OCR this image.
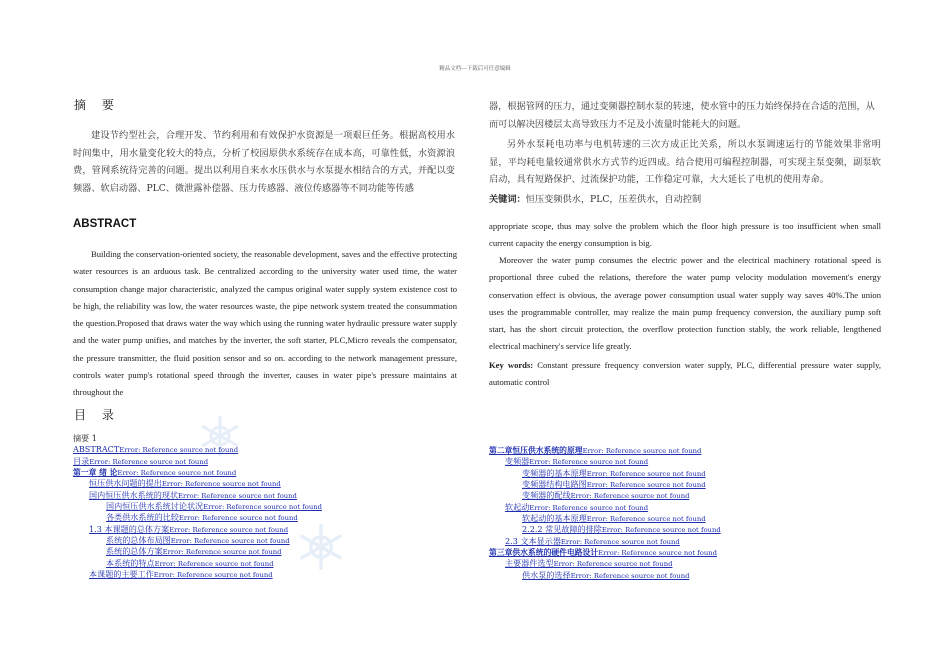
精品文档---下载后可任意编辑
摘 要
建设节约型社会，合理开发、节约利用和有效保护水资源是一项艰巨任务。根据高校用水时间集中，用水量变化较大的特点，分析了校园原供水系统存在成本高，可靠性低，水资源浪费，管网系统待完善的问题。提出以利用自来水水压供水与水泵提水相结合的方式，并配以变频器、软启动器、PLC、微泄露补偿器、压力传感器、液位传感器等不同功能等传感
器，根据管网的压力，通过变频器控制水泵的转速，使水管中的压力始终保持在合适的范围，从而可以解决因楼层太高导致压力不足及小流量时能耗大的问题。
另外水泵耗电功率与电机转速的三次方成正比关系，所以水泵调速运行的节能效果非常明显，平均耗电量较通常供水方式节约近四成。结合使用可编程控制器，可实现主泵变频，副泵软启动，具有短路保护、过流保护功能，工作稳定可靠，大大延长了电机的使用寿命。
关键词：恒压变频供水，PLC，压差供水，自动控制
ABSTRACT
Building the conservation-oriented society, the reasonable development, saves and the effective protecting water resources is an arduous task. Be centralized according to the university water used time, the water consumption change major characteristic, analyzed the campus original water supply system existence cost to be high, the reliability was low, the water resources waste, the pipe network system treated the consummation the question.Proposed that draws water the way which using the running water hydraulic pressure water supply and the water pump unifies, and matches by the inverter, the soft starter, PLC,Micro reveals the compensator, the pressure transmitter, the fluid position sensor and so on. according to the network management pressure, controls water pump's rotational speed through the inverter, causes in water pipe's pressure maintains at throughout the
appropriate scope, thus may solve the problem which the floor high pressure is too insufficient when small current capacity the energy consumption is big.
Moreover the water pump consumes the electric power and the electrical machinery rotational speed is proportional three cubed the relations, therefore the water pump velocity modulation movement's energy conservation effect is obvious, the average power consumption usual water supply way saves 40%.The union uses the programmable controller, may realize the main pump frequency conversion, the auxiliary pump soft start, has the short circuit protection, the overflow protection function stably, the work reliable, lengthened electrical machinery's service life greatly.
Key words: Constant pressure frequency conversion water supply, PLC, differential pressure water supply, automatic control
目 录
摘要 1
ABSTRACTError: Reference source not found
目录Error: Reference source not found
第一章 绪 论Error: Reference source not found
恒压供水问题的提出Error: Reference source not found
国内恒压供水系统的现状Error: Reference source not found
国内恒压供水系统讨论状况Error: Reference source not found
各类供水系统的比较Error: Reference source not found
1.3 本课题的总体方案Error: Reference source not found
系统的总体布局图Error: Reference source not found
系统的总体方案Error: Reference source not found
本系统的特点Error: Reference source not found
本课题的主要工作Error: Reference source not found
第二章恒压供水系统的原理Error: Reference source not found
变频器Error: Reference source not found
变频器的基本原理Error: Reference source not found
变频器结构电路图Error: Reference source not found
变频器的配线Error: Reference source not found
软起动Error: Reference source not found
软起动的基本原理Error: Reference source not found
2.2.2 常见故障的排除Error: Reference source not found
2.3 文本显示器Error: Reference source not found
第三章供水系统的硬件电路设计Error: Reference source not found
主要器件选型Error: Reference source not found
供水泵的选择Error: Reference source not found
